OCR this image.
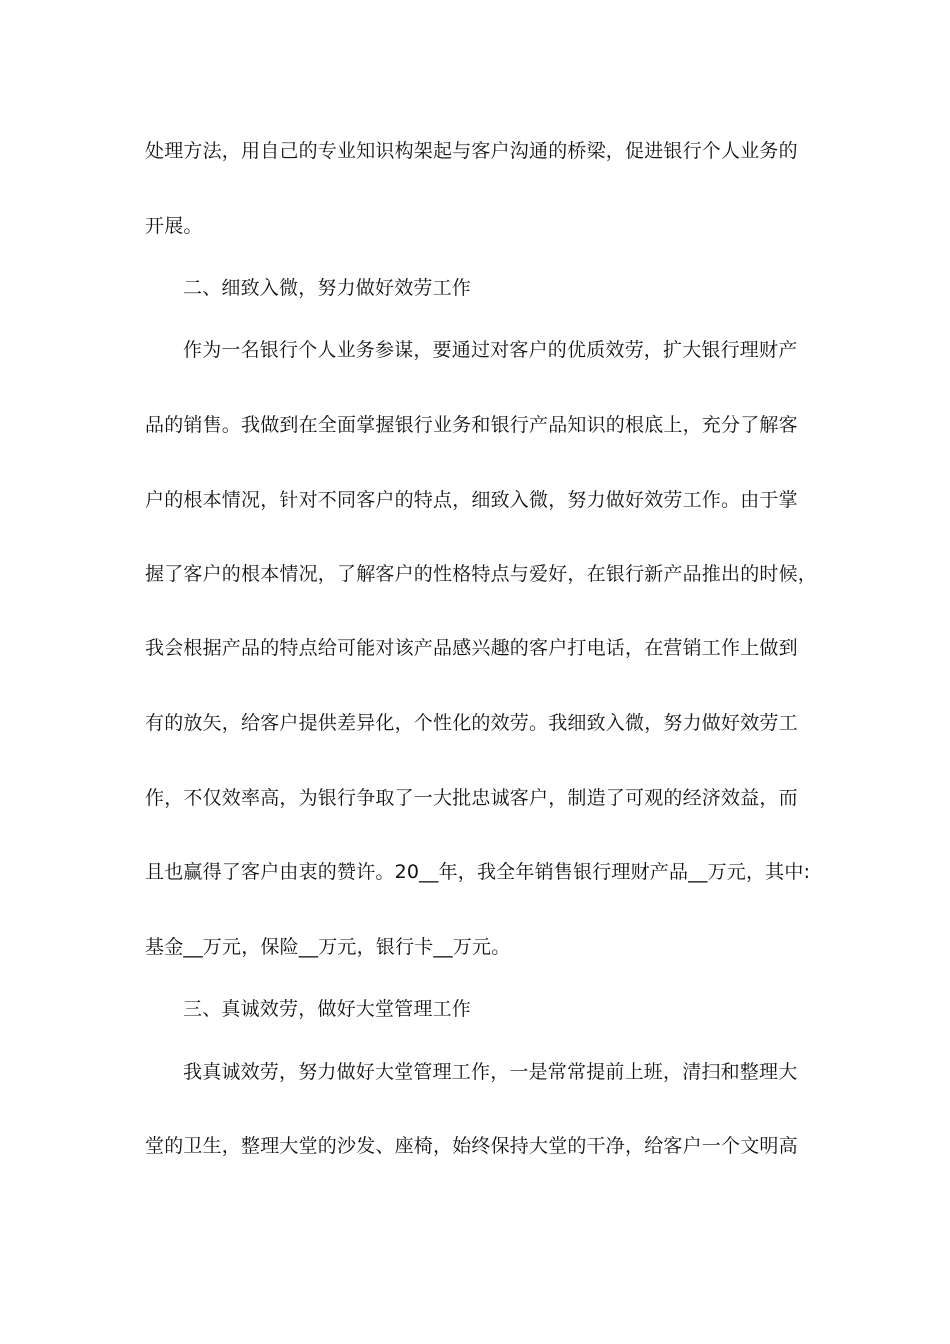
处理方法，用自己的专业知识构架起与客户沟通的桥梁，促进银行个人业务的
开展。
二、细致入微，努力做好效劳工作
作为一名银行个人业务参谋，要通过对客户的优质效劳，扩大银行理财产
品的销售。我做到在全面掌握银行业务和银行产品知识的根底上，充分了解客
户的根本情况，针对不同客户的特点，细致入微，努力做好效劳工作。由于掌
握了客户的根本情况，了解客户的性格特点与爱好，在银行新产品推出的时候，
我会根据产品的特点给可能对该产品感兴趣的客户打电话，在营销工作上做到
有的放矢，给客户提供差异化，个性化的效劳。我细致入微，努力做好效劳工
作，不仅效率高，为银行争取了一大批忠诚客户，制造了可观的经济效益，而
且也赢得了客户由衷的赞许。20__年，我全年销售银行理财产品__万元，其中:
基金__万元，保险__万元，银行卡__万元。
三、真诚效劳，做好大堂管理工作
我真诚效劳，努力做好大堂管理工作，一是常常提前上班，清扫和整理大
堂的卫生，整理大堂的沙发、座椅，始终保持大堂的干净，给客户一个文明高
